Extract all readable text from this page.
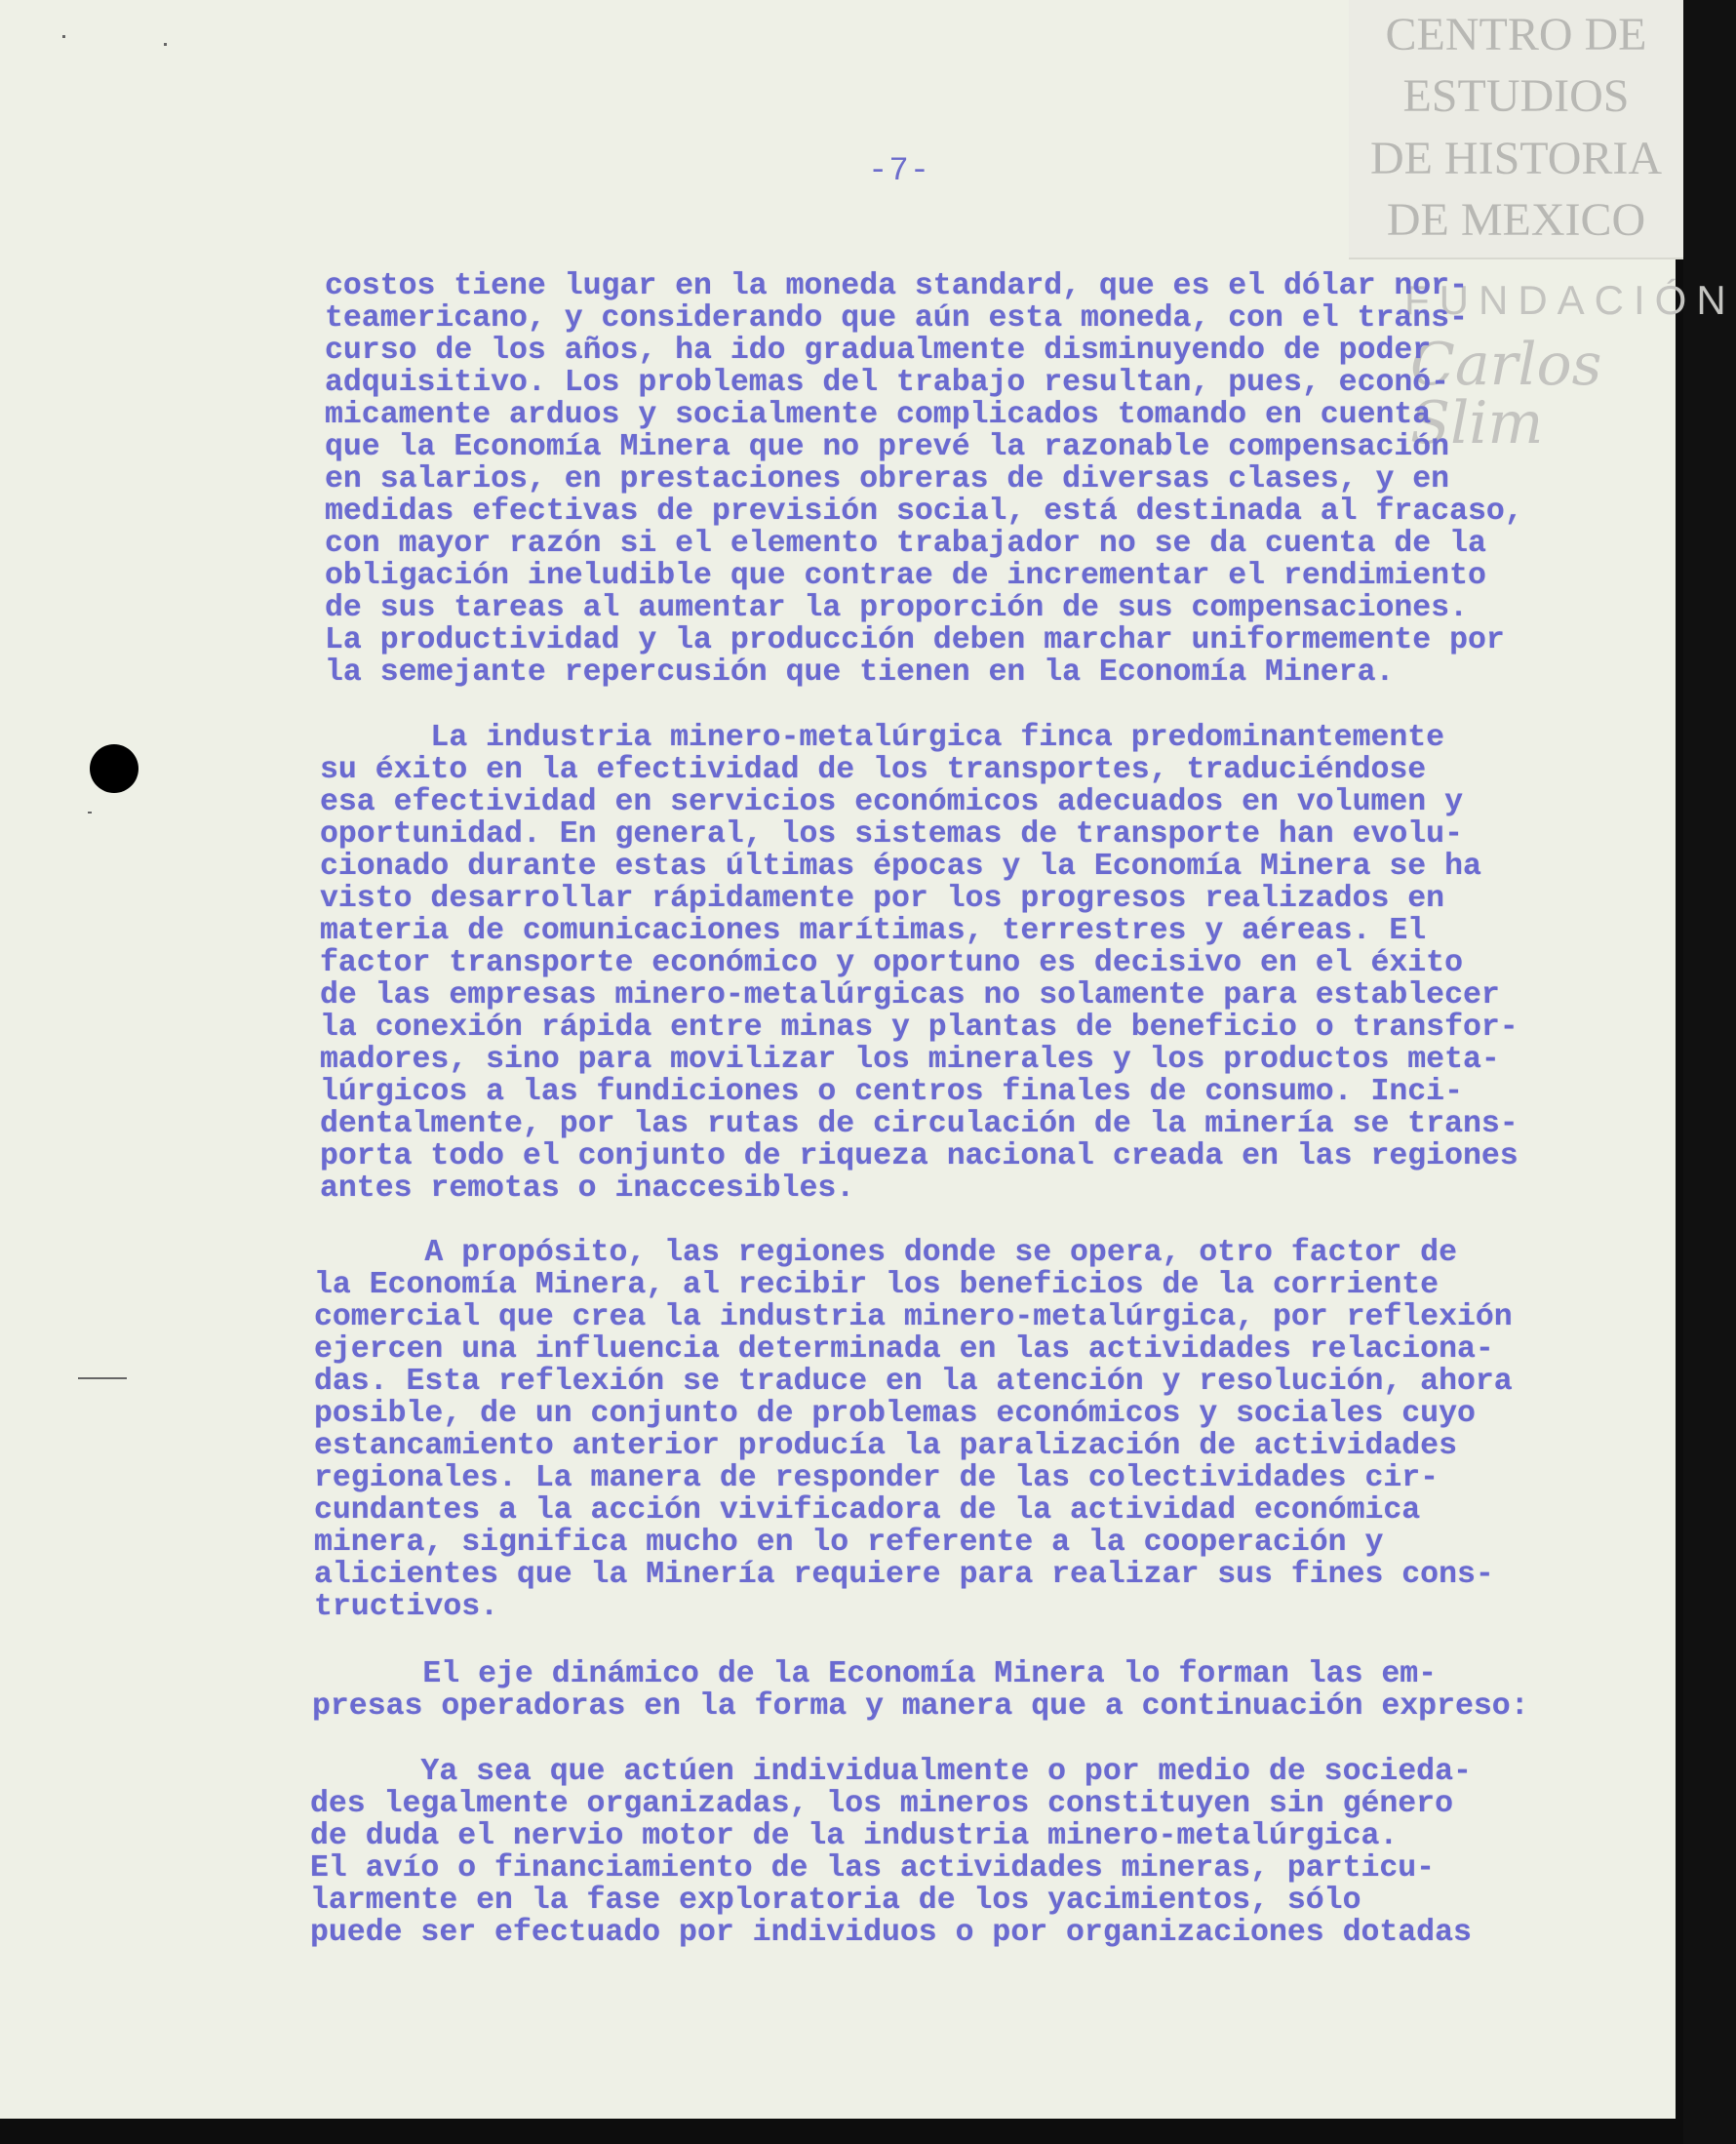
CENTRO DE
ESTUDIOS
DE HISTORIA
DE MEXICO
FUNDACIÓN
Carlos Slim
-7-
costos tiene lugar en la moneda standard, que es el dólar nor-
teamericano, y considerando que aún esta moneda, con el trans-
curso de los años, ha ido gradualmente disminuyendo de poder
adquisitivo. Los problemas del trabajo resultan, pues, econó-
micamente arduos y socialmente complicados tomando en cuenta
que la Economía Minera que no prevé la razonable compensación
en salarios, en prestaciones obreras de diversas clases, y en
medidas efectivas de previsión social, está destinada al fracaso,
con mayor razón si el elemento trabajador no se da cuenta de la
obligación ineludible que contrae de incrementar el rendimiento
de sus tareas al aumentar la proporción de sus compensaciones.
La productividad y la producción deben marchar uniformemente por
la semejante repercusión que tienen en la Economía Minera.
La industria minero-metalúrgica finca predominantemente
su éxito en la efectividad de los transportes, traduciéndose
esa efectividad en servicios económicos adecuados en volumen y
oportunidad. En general, los sistemas de transporte han evolu-
cionado durante estas últimas épocas y la Economía Minera se ha
visto desarrollar rápidamente por los progresos realizados en
materia de comunicaciones marítimas, terrestres y aéreas. El
factor transporte económico y oportuno es decisivo en el éxito
de las empresas minero-metalúrgicas no solamente para establecer
la conexión rápida entre minas y plantas de beneficio o transfor-
madores, sino para movilizar los minerales y los productos meta-
lúrgicos a las fundiciones o centros finales de consumo. Inci-
dentalmente, por las rutas de circulación de la minería se trans-
porta todo el conjunto de riqueza nacional creada en las regiones
antes remotas o inaccesibles.
A propósito, las regiones donde se opera, otro factor de
la Economía Minera, al recibir los beneficios de la corriente
comercial que crea la industria minero-metalúrgica, por reflexión
ejercen una influencia determinada en las actividades relaciona-
das. Esta reflexión se traduce en la atención y resolución, ahora
posible, de un conjunto de problemas económicos y sociales cuyo
estancamiento anterior producía la paralización de actividades
regionales. La manera de responder de las colectividades cir-
cundantes a la acción vivificadora de la actividad económica
minera, significa mucho en lo referente a la cooperación y
alicientes que la Minería requiere para realizar sus fines cons-
tructivos.
El eje dinámico de la Economía Minera lo forman las em-
presas operadoras en la forma y manera que a continuación expreso:
Ya sea que actúen individualmente o por medio de socieda-
des legalmente organizadas, los mineros constituyen sin género
de duda el nervio motor de la industria minero-metalúrgica.
El avío o financiamiento de las actividades mineras, particu-
larmente en la fase exploratoria de los yacimientos, sólo
puede ser efectuado por individuos o por organizaciones dotadas
